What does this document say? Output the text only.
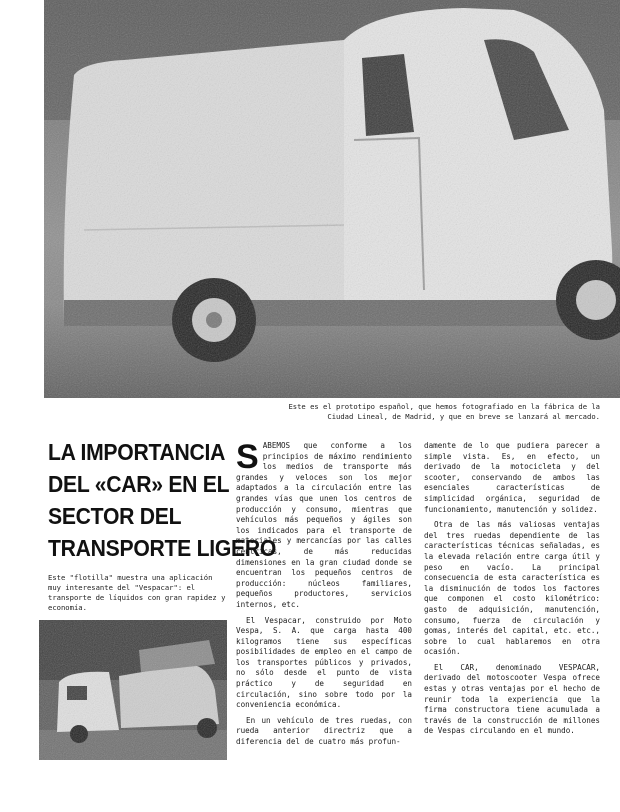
Este es el prototipo español, que hemos fotografiado en la fábrica de la Ciudad Lineal, de Madrid, y que en breve se lanzará al mercado.
LA IMPORTANCIA
DEL «CAR» EN EL
SECTOR DEL
TRANSPORTE LIGERO
Este "flotilla" muestra una aplicación muy interesante del "Vespacar": el transporte de líquidos con gran rapidez y economía.

SABEMOS que conforme a los principios de máximo rendimiento los medios de transporte más grandes y veloces son los mejor adaptados a la circulación entre las grandes vías que unen los centros de producción y consumo, mientras que vehículos más pequeños y ágiles son los indicados para el transporte de materiales y mercancías por las calles céntricas, de más reducidas dimensiones en la gran ciudad donde se encuentran los pequeños centros de producción: núcleos familiares, pequeños productores, servicios internos, etc.

El Vespacar, construido por Moto Vespa, S. A. que carga hasta 400 kilogramos tiene sus específicas posibilidades de empleo en el campo de los transportes públicos y privados, no sólo desde el punto de vista práctico y de seguridad en circulación, sino sobre todo por la conveniencia económica.

En un vehículo de tres ruedas, con rueda anterior directriz que a diferencia del de cuatro más profun-

damente de lo que pudiera parecer a simple vista. Es, en efecto, un derivado de la motocicleta y del scooter, conservando de ambos las esenciales características de simplicidad orgánica, seguridad de funcionamiento, manutención y solidez.

Otra de las más valiosas ventajas del tres ruedas dependiente de las características técnicas señaladas, es la elevada relación entre carga útil y peso en vacío. La principal consecuencia de esta característica es la disminución de todos los factores que componen el costo kilométrico: gasto de adquisición, manutención, consumo, fuerza de circulación y gomas, interés del capital, etc. etc., sobre lo cual hablaremos en otra ocasión.

El CAR, denominado VESPACAR, derivado del motoscooter Vespa ofrece estas y otras ventajas por el hecho de reunir toda la experiencia que la firma constructora tiene acumulada a través de la construcción de millones de Vespas circulando en el mundo.
